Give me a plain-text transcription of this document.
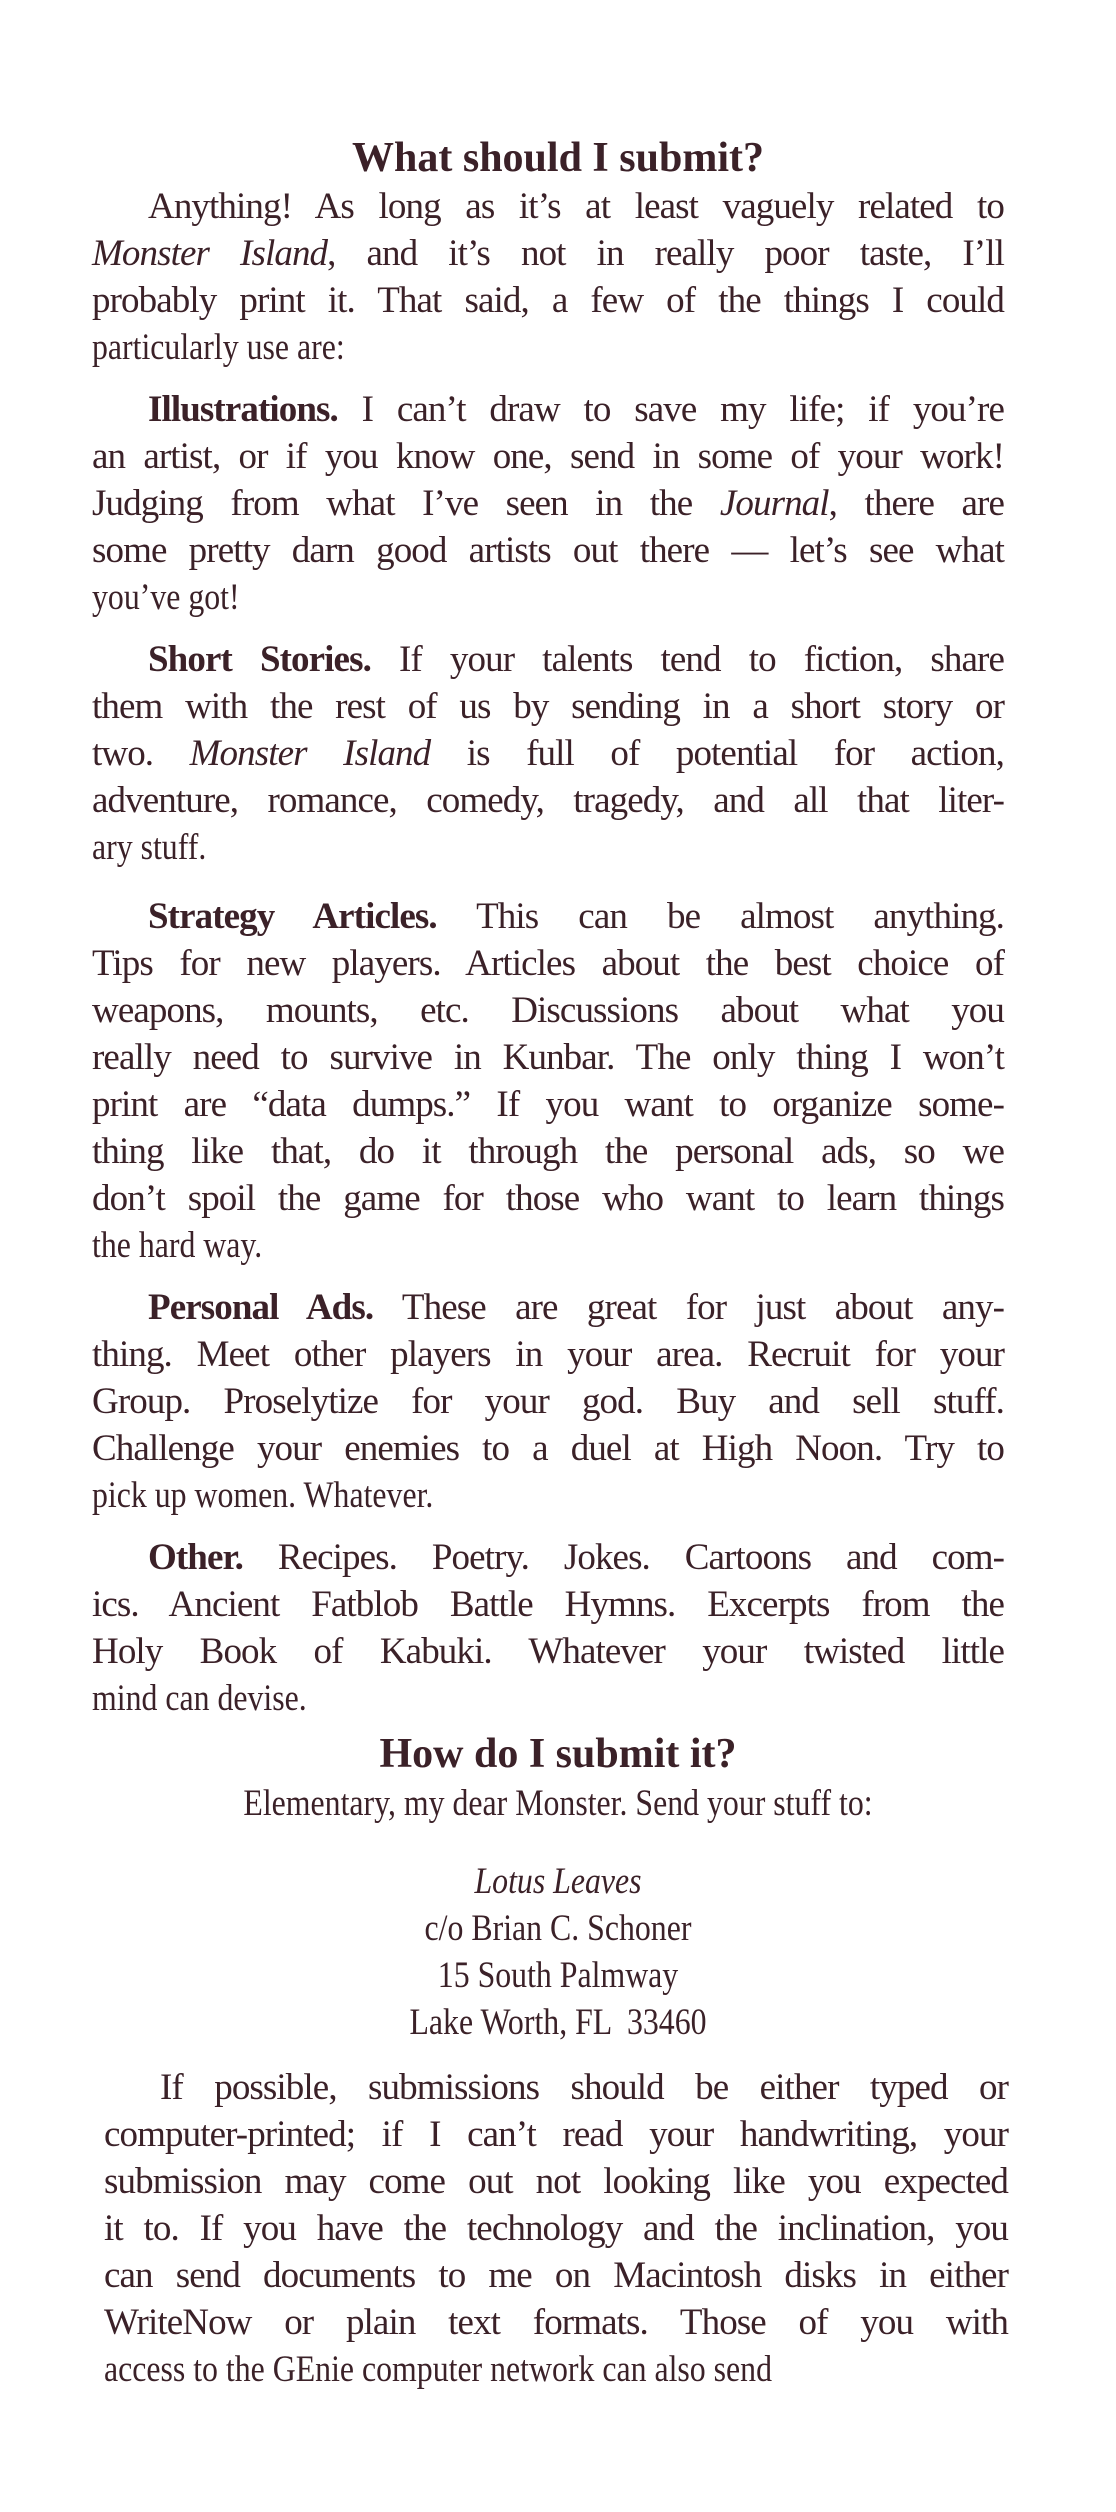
What should I submit?
Anything! As long as it’s at least vaguely related to
Monster Island, and it’s not in really poor taste, I’ll
probably print it. That said, a few of the things I could
particularly use are:
Illustrations. I can’t draw to save my life; if you’re
an artist, or if you know one, send in some of your work!
Judging from what I’ve seen in the Journal, there are
some pretty darn good artists out there — let’s see what
you’ve got!
Short Stories. If your talents tend to fiction, share
them with the rest of us by sending in a short story or
two. Monster Island is full of potential for action,
adventure, romance, comedy, tragedy, and all that liter-
ary stuff.
Strategy Articles. This can be almost anything.
Tips for new players. Articles about the best choice of
weapons, mounts, etc. Discussions about what you
really need to survive in Kunbar. The only thing I won’t
print are “data dumps.” If you want to organize some-
thing like that, do it through the personal ads, so we
don’t spoil the game for those who want to learn things
the hard way.
Personal Ads. These are great for just about any-
thing. Meet other players in your area. Recruit for your
Group. Proselytize for your god. Buy and sell stuff.
Challenge your enemies to a duel at High Noon. Try to
pick up women. Whatever.
Other. Recipes. Poetry. Jokes. Cartoons and com-
ics. Ancient Fatblob Battle Hymns. Excerpts from the
Holy Book of Kabuki. Whatever your twisted little
mind can devise.
How do I submit it?
Elementary, my dear Monster. Send your stuff to:
Lotus Leaves
c/o Brian C. Schoner
15 South Palmway
Lake Worth, FL  33460
If possible, submissions should be either typed or
computer-printed; if I can’t read your handwriting, your
submission may come out not looking like you expected
it to. If you have the technology and the inclination, you
can send documents to me on Macintosh disks in either
WriteNow or plain text formats. Those of you with
access to the GEnie computer network can also send
